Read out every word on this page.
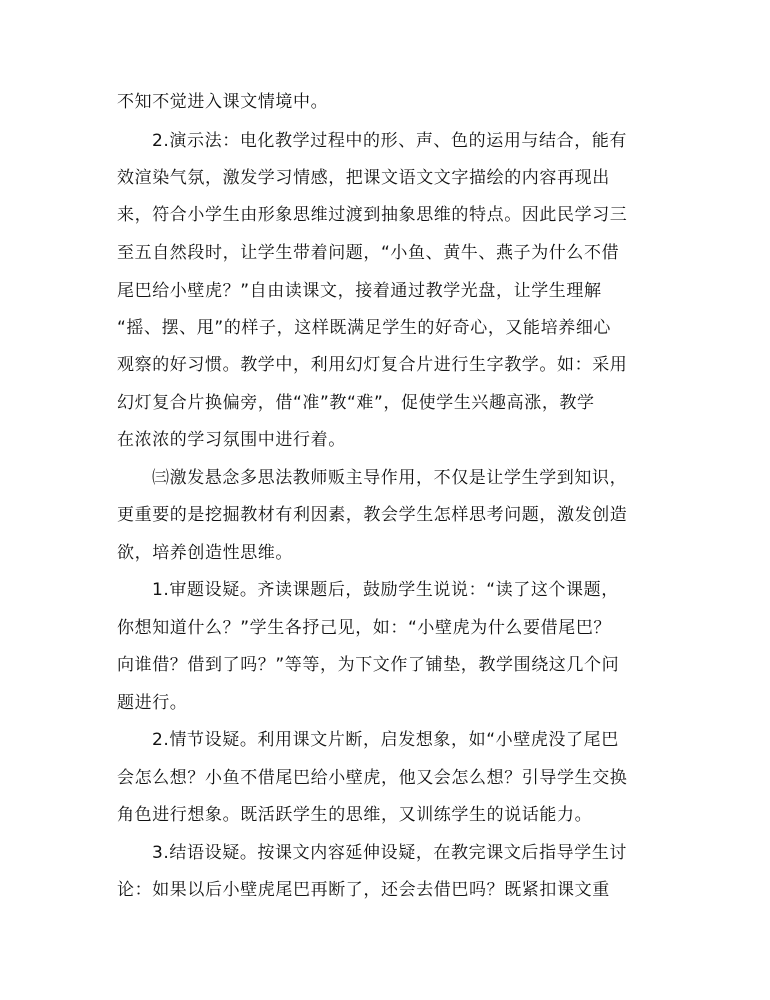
不知不觉进入课文情境中。

2.演示法：电化教学过程中的形、声、色的运用与结合，能有

效渲染气氛，激发学习情感，把课文语文文字描绘的内容再现出

来，符合小学生由形象思维过渡到抽象思维的特点。因此民学习三

至五自然段时，让学生带着问题，“小鱼、黄牛、燕子为什么不借

尾巴给小壁虎？”自由读课文，接着通过教学光盘，让学生理解

“摇、摆、甩”的样子，这样既满足学生的好奇心，又能培养细心

观察的好习惯。教学中，利用幻灯复合片进行生字教学。如：采用

幻灯复合片换偏旁，借“准”教“难”，促使学生兴趣高涨，教学

在浓浓的学习氛围中进行着。

㈢激发悬念多思法教师贩主导作用，不仅是让学生学到知识，

更重要的是挖掘教材有利因素，教会学生怎样思考问题，激发创造

欲，培养创造性思维。

1.审题设疑。齐读课题后，鼓励学生说说：“读了这个课题，

你想知道什么？”学生各抒己见，如：“小壁虎为什么要借尾巴？

向谁借？借到了吗？”等等，为下文作了铺垫，教学围绕这几个问

题进行。

2.情节设疑。利用课文片断，启发想象，如“小壁虎没了尾巴

会怎么想？小鱼不借尾巴给小壁虎，他又会怎么想？引导学生交换

角色进行想象。既活跃学生的思维，又训练学生的说话能力。

3.结语设疑。按课文内容延伸设疑，在教完课文后指导学生讨

论：如果以后小壁虎尾巴再断了，还会去借巴吗？既紧扣课文重
